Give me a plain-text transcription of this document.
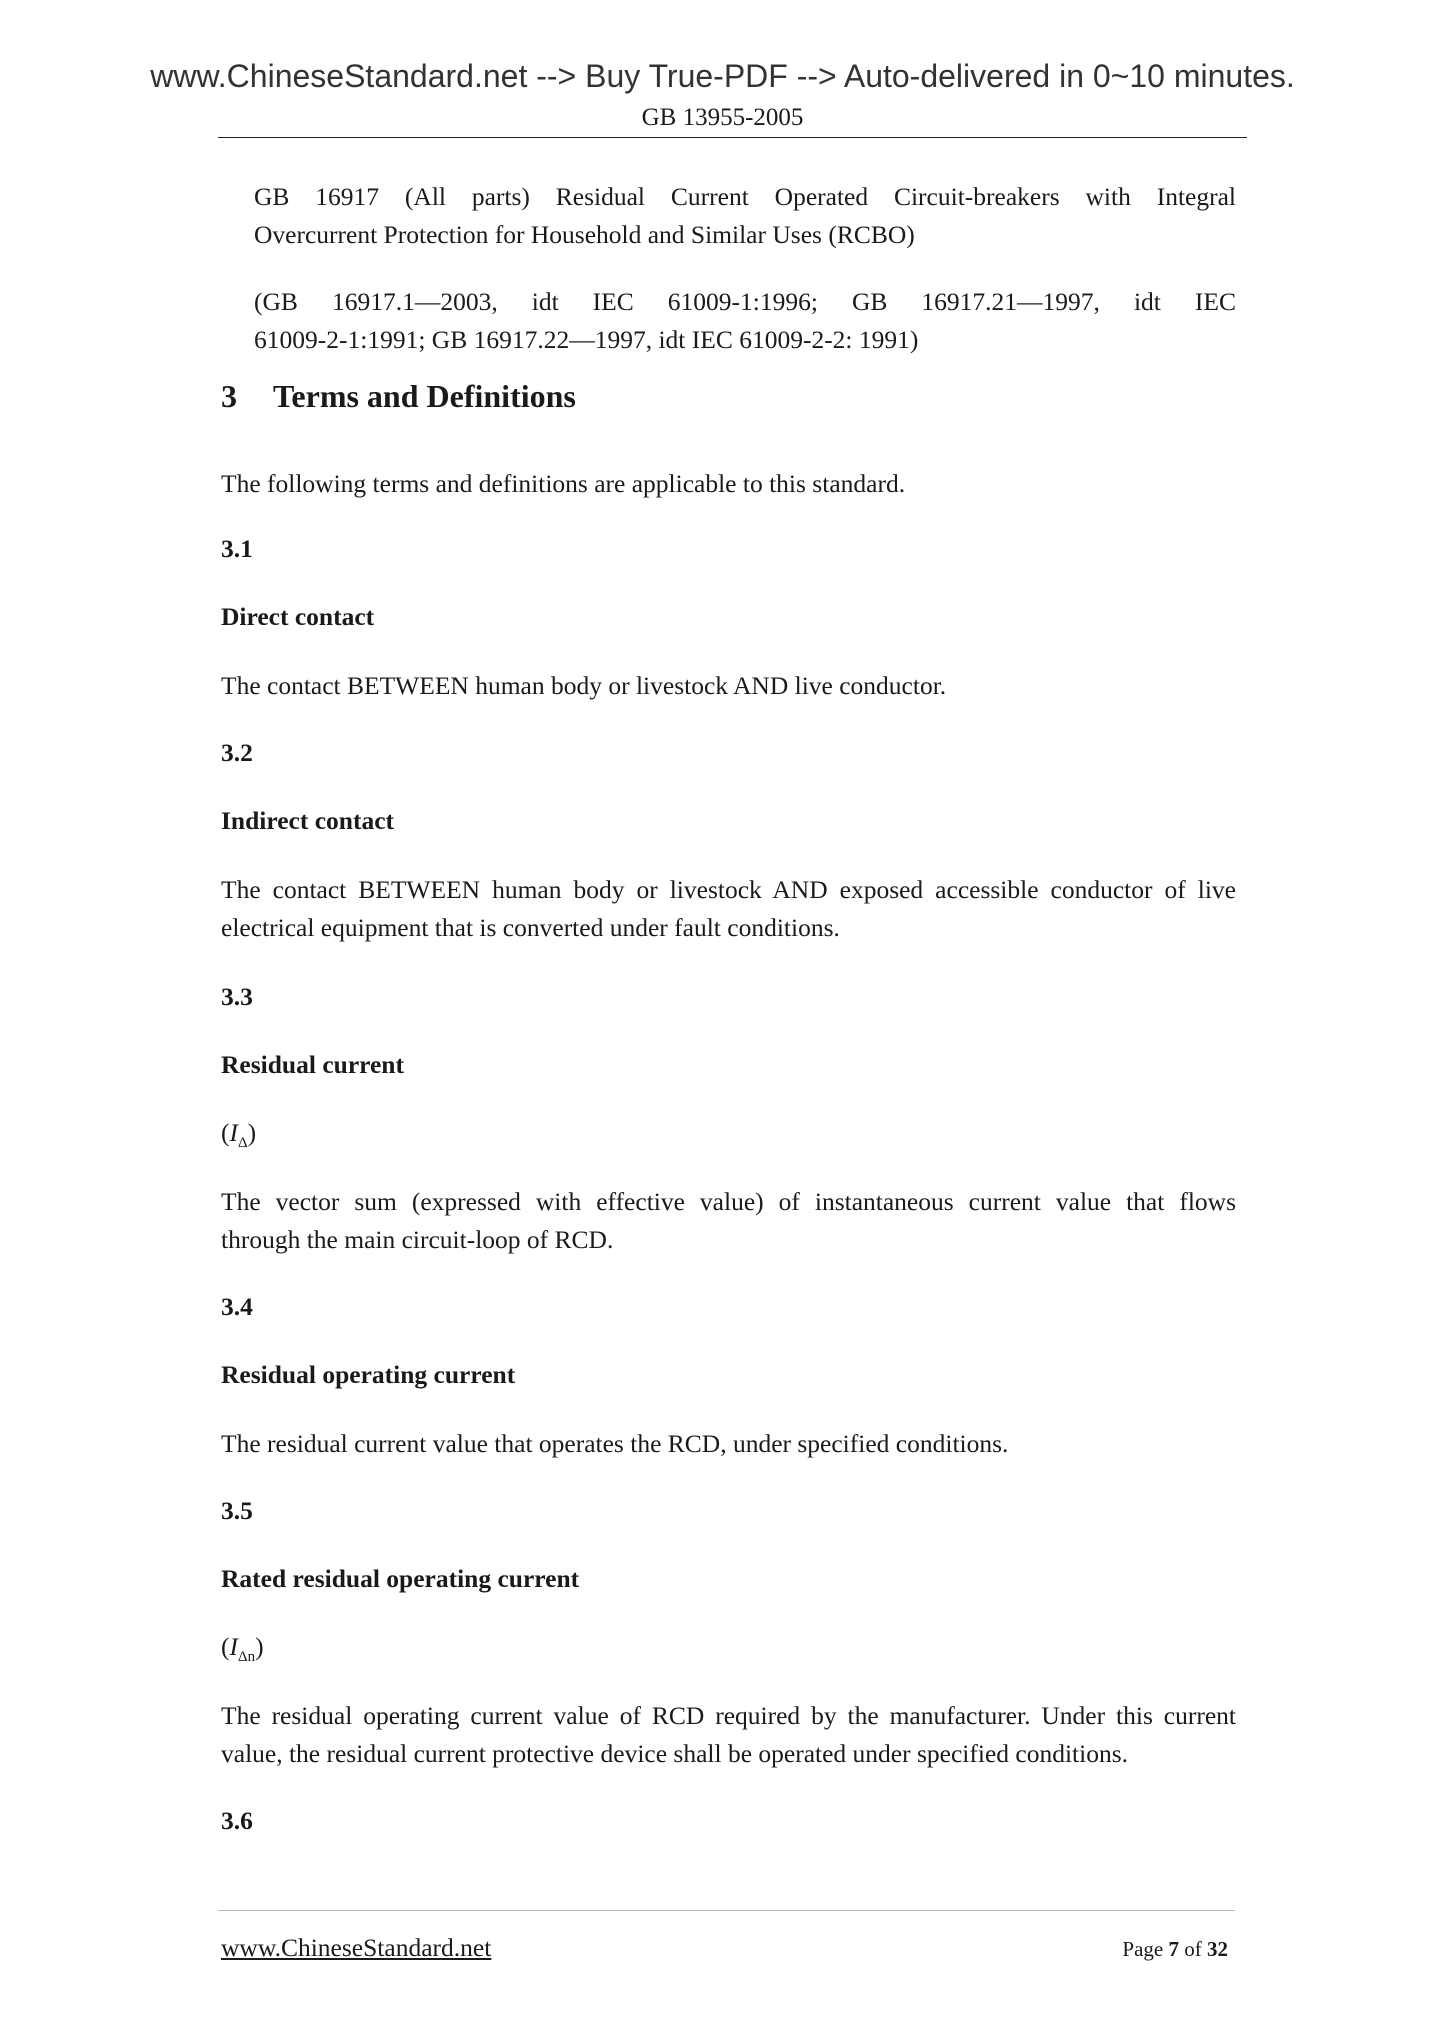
www.ChineseStandard.net --> Buy True-PDF --> Auto-delivered in 0~10 minutes.
GB 13955-2005
GB 16917 (All parts) Residual Current Operated Circuit-breakers with Integral
Overcurrent Protection for Household and Similar Uses (RCBO)
(GB 16917.1—2003, idt IEC 61009-1:1996; GB 16917.21—1997, idt IEC
61009-2-1:1991; GB 16917.22—1997, idt IEC 61009-2-2: 1991)
3 Terms and Definitions
The following terms and definitions are applicable to this standard.
3.1
Direct contact
The contact BETWEEN human body or livestock AND live conductor.
3.2
Indirect contact
The contact BETWEEN human body or livestock AND exposed accessible conductor of live
electrical equipment that is converted under fault conditions.
3.3
Residual current
$(I_\Delta)$
The vector sum (expressed with effective value) of instantaneous current value that flows
through the main circuit-loop of RCD.
3.4
Residual operating current
The residual current value that operates the RCD, under specified conditions.
3.5
Rated residual operating current
$(I_{\Delta n})$
The residual operating current value of RCD required by the manufacturer. Under this current
value, the residual current protective device shall be operated under specified conditions.
3.6
www.ChineseStandard.net	Page 7 of 32
